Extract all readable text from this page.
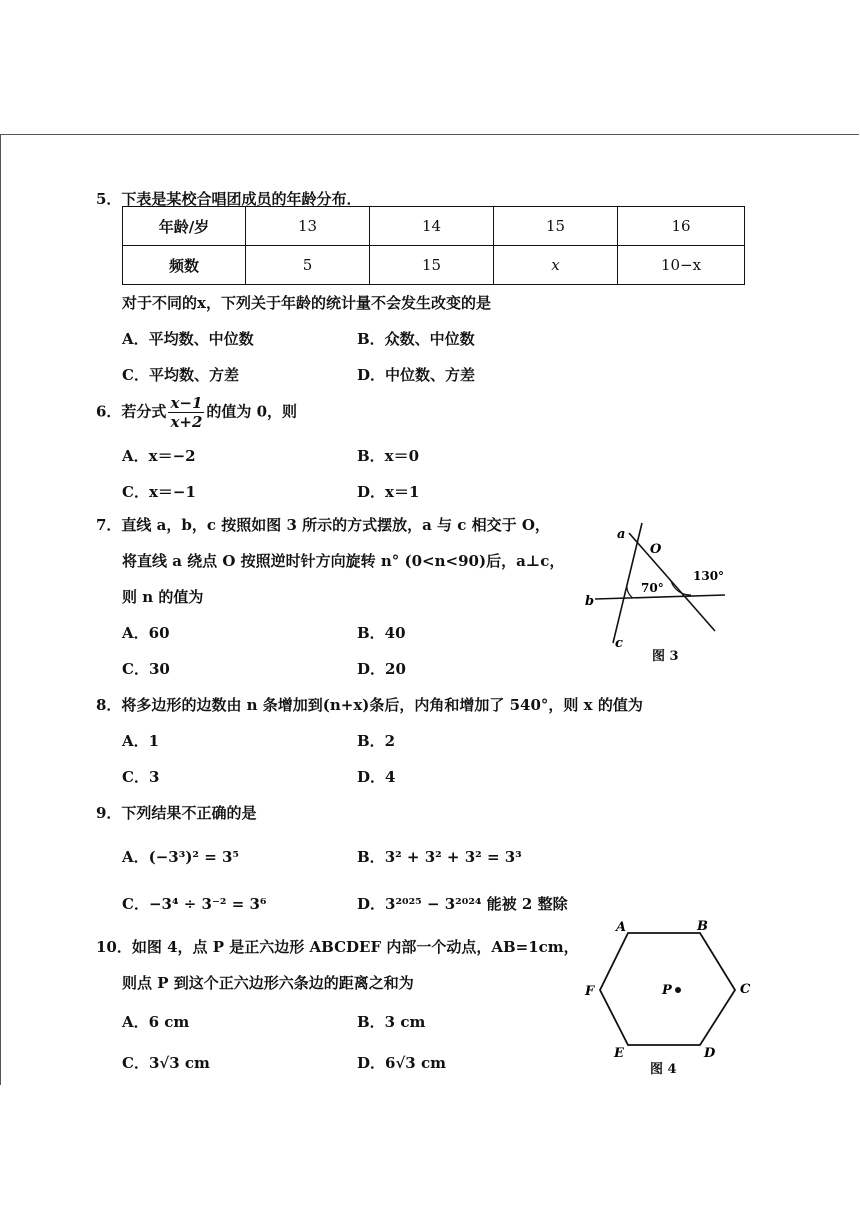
5．下表是某校合唱团成员的年龄分布．
年龄/岁	13	14	15	16
频数	5	15	x	10−x
对于不同的x，下列关于年龄的统计量不会发生改变的是
A．平均数、中位数	B．众数、中位数
C．平均数、方差	D．中位数、方差
6．若分式 $\frac{x-1}{x+2}$ 的值为 0，则
A．x＝−2	B．x＝0
C．x＝−1	D．x＝1
7．直线 a，b，c 按照如图 3 所示的方式摆放，a 与 c 相交于 O，
将直线 a 绕点 O 按照逆时针方向旋转 n° (0<n<90)后，a⊥c，
则 n 的值为
A．60	B．40
C．30	D．20
a
O
b
c
70°
130°
图 3
8．将多边形的边数由 n 条增加到(n+x)条后，内角和增加了 540°，则 x 的值为
A．1	B．2
C．3	D．4
9．下列结果不正确的是
A．(−3³)² = 3⁵	B．3² + 3² + 3² = 3³
C．−3⁴ ÷ 3⁻² = 3⁶	D．3²⁰²⁵ − 3²⁰²⁴ 能被 2 整除
10．如图 4，点 P 是正六边形 ABCDEF 内部一个动点，AB=1cm，
则点 P 到这个正六边形六条边的距离之和为
A．6 cm	B．3 cm
C．3√3 cm	D．6√3 cm
A	B
C
D
E
F	P
图 4
